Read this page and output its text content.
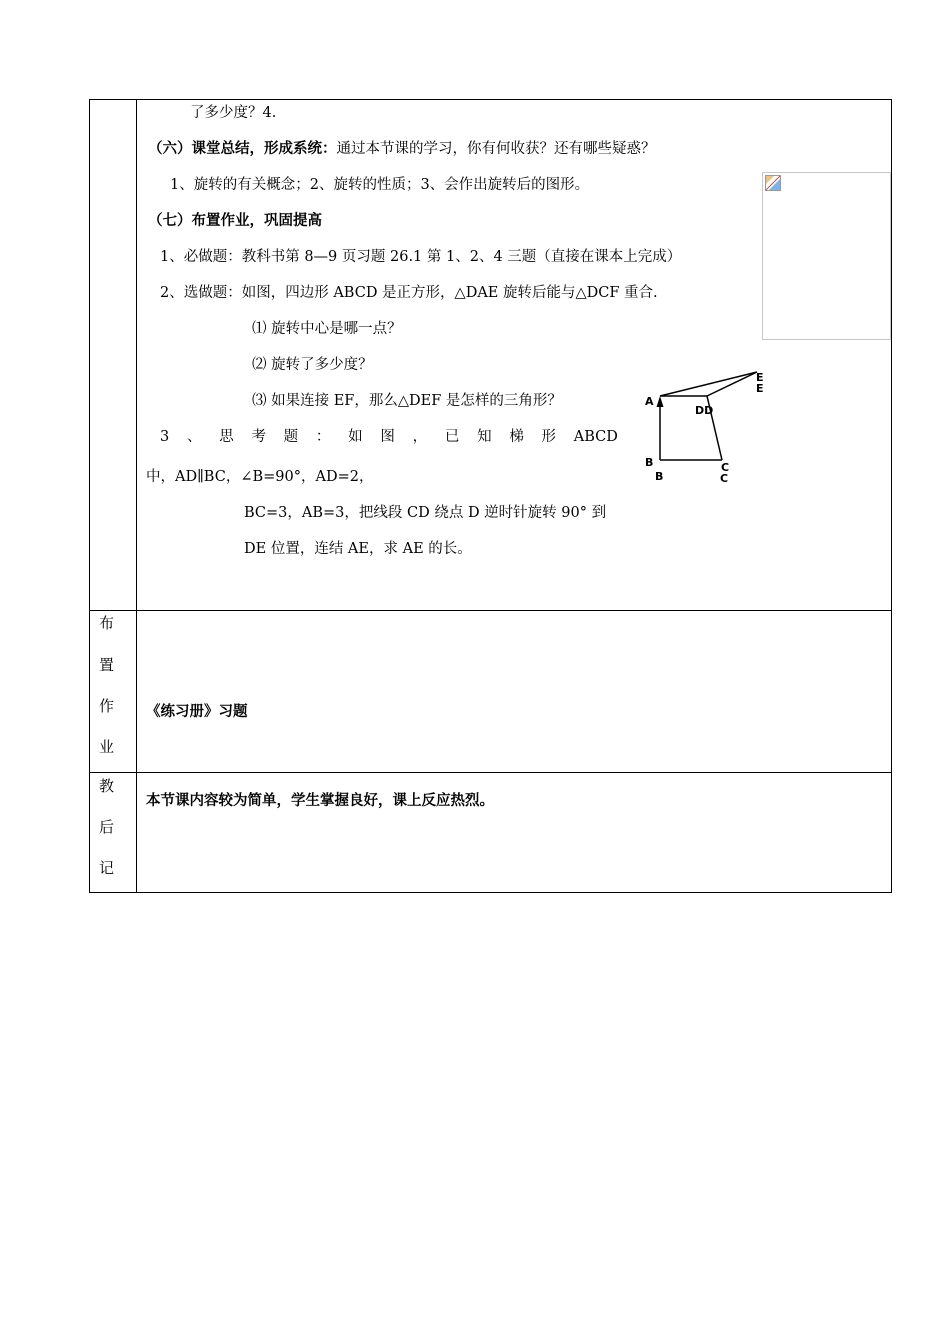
了多少度？4.
（六）课堂总结，形成系统：通过本节课的学习，你有何收获？还有哪些疑惑？
1、旋转的有关概念；2、旋转的性质；3、会作出旋转后的图形。
（七）布置作业，巩固提高
1、必做题：教科书第 8—9 页习题 26.1 第 1、2、4 三题（直接在课本上完成）
2、选做题：如图，四边形 ABCD 是正方形，△DAE 旋转后能与△DCF 重合.
⑴ 旋转中心是哪一点？
⑵ 旋转了多少度？
⑶ 如果连接 EF，那么△DEF 是怎样的三角形？
3 、 思 考 题 ： 如 图 ， 已 知 梯 形 ABCD
中，AD∥BC，∠B=90°，AD=2，
BC=3，AB=3，把线段 CD 绕点 D 逆时针旋转 90° 到
DE 位置，连结 AE，求 AE 的长。
A
DD
E
E
B
B
C
C
布
置
作
业
《练习册》习题
教
后
记
本节课内容较为简单，学生掌握良好，课上反应热烈。
